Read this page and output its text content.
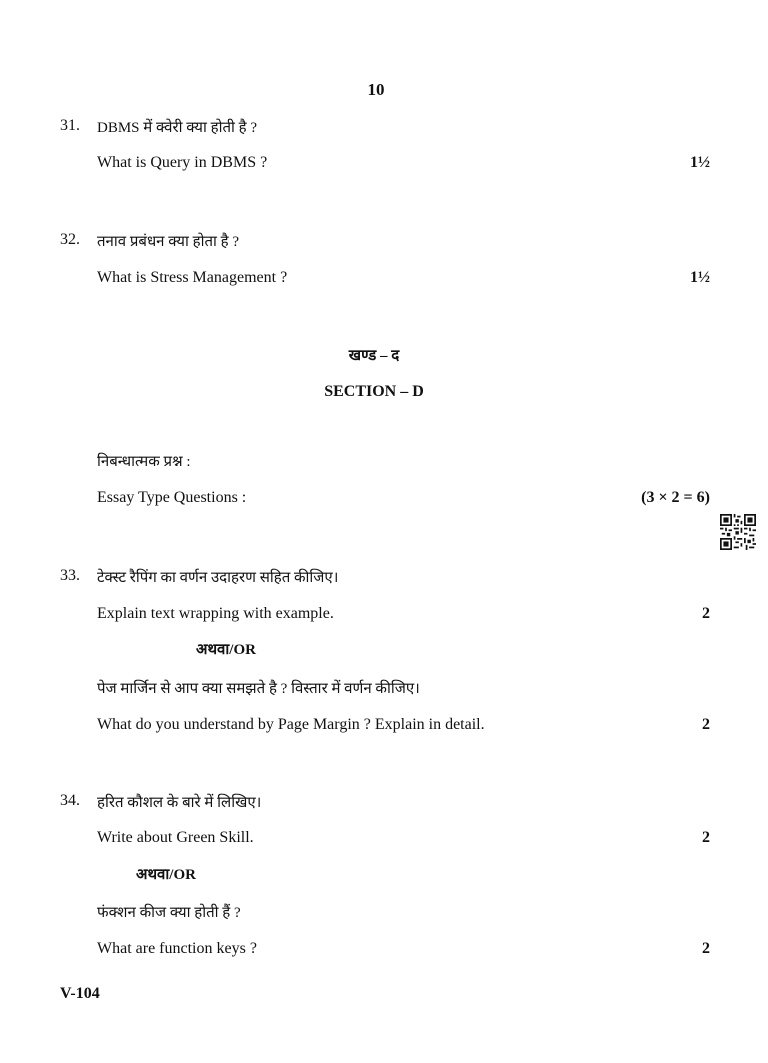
10
31. DBMS में क्वेरी क्या होती है ?
What is Query in DBMS ?	1½
32. तनाव प्रबंधन क्या होता है ?
What is Stress Management ?	1½
खण्ड – द
SECTION – D
निबन्धात्मक प्रश्न :
Essay Type Questions :	(3 × 2 = 6)
33. टेक्स्ट रैपिंग का वर्णन उदाहरण सहित कीजिए।
Explain text wrapping with example.	2
अथवा/OR
पेज मार्जिन से आप क्या समझते है ? विस्तार में वर्णन कीजिए।
What do you understand by Page Margin ? Explain in detail.	2
34. हरित कौशल के बारे में लिखिए।
Write about Green Skill.	2
अथवा/OR
फंक्शन कीज क्या होती हैं ?
What are function keys ?	2
V-104
